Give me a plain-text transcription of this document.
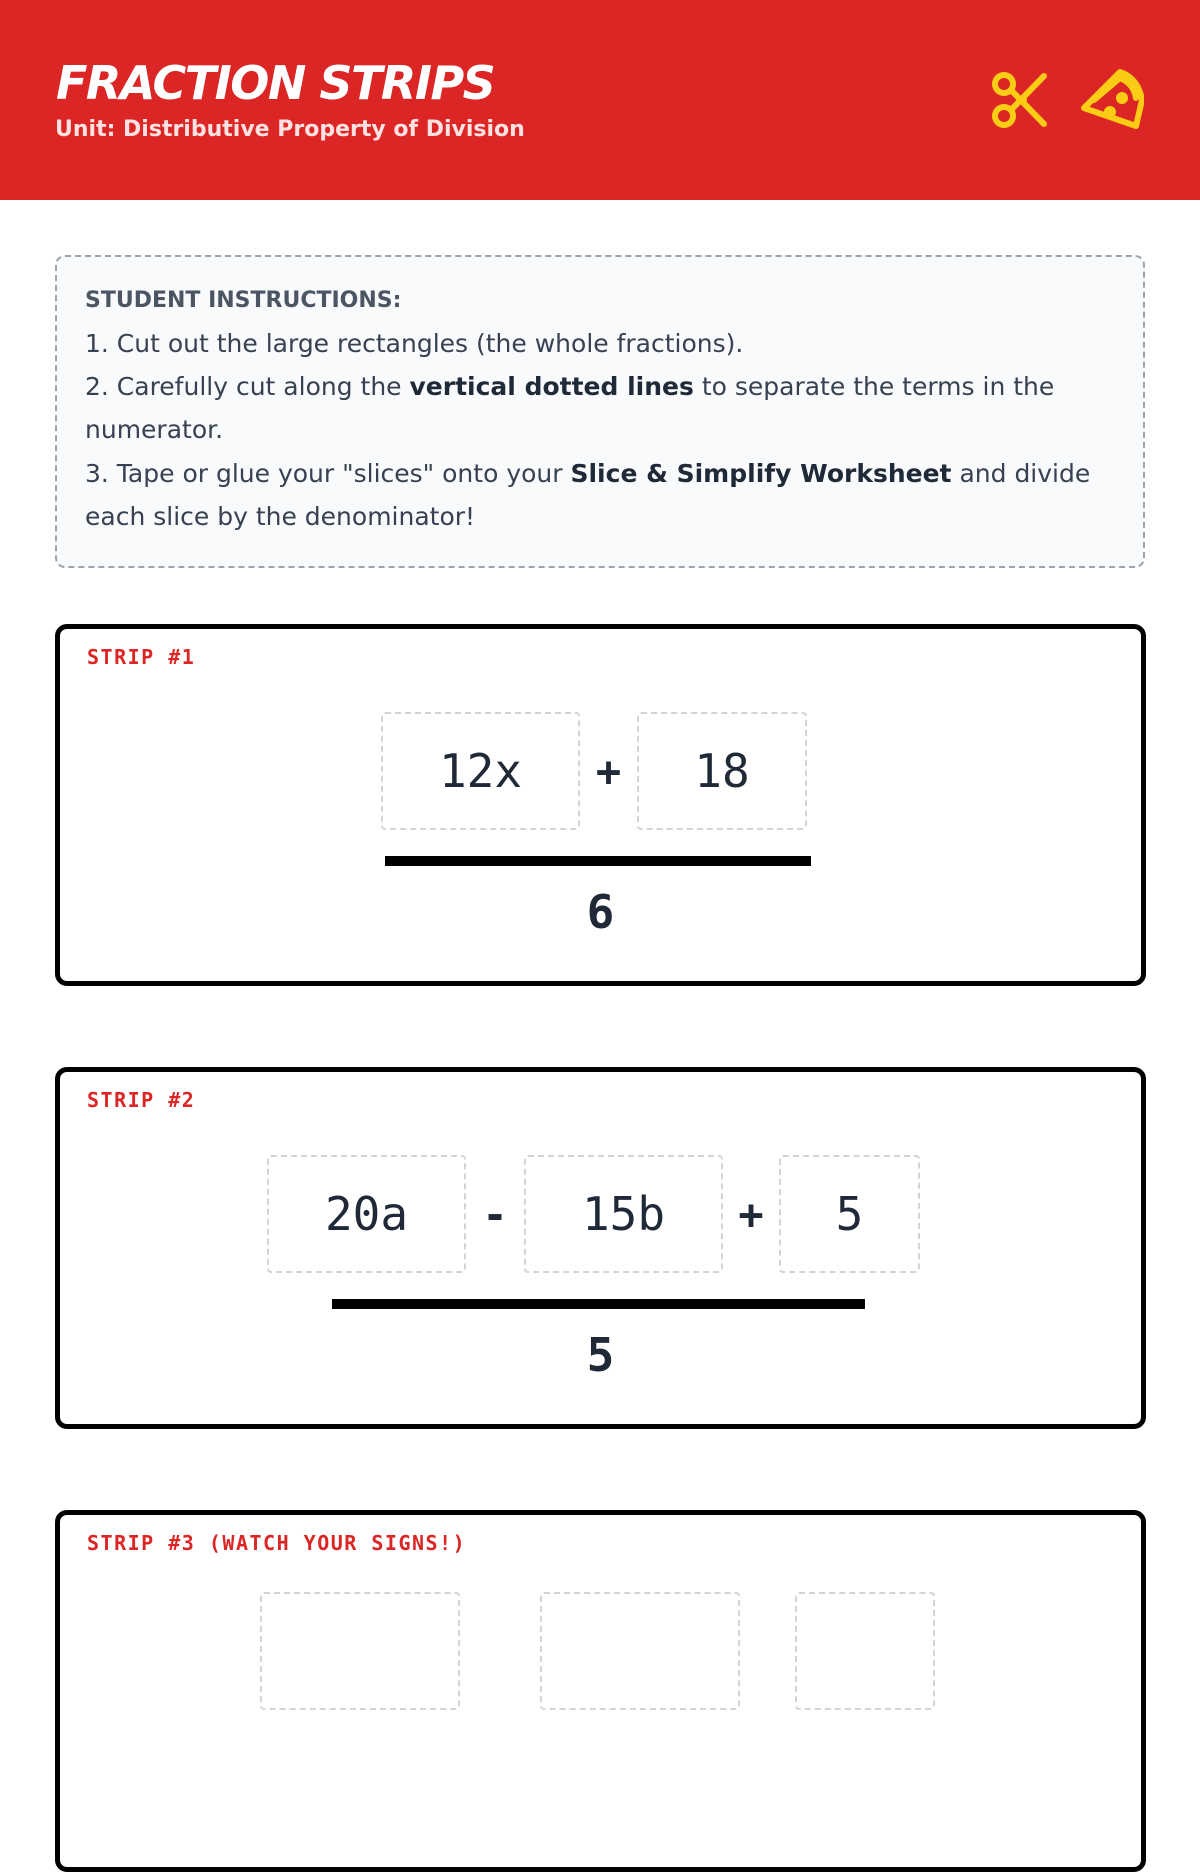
FRACTION STRIPS
Unit: Distributive Property of Division
STUDENT INSTRUCTIONS:
1. Cut out the large rectangles (the whole fractions).
2. Carefully cut along the vertical dotted lines to separate the terms in the numerator.
3. Tape or glue your "slices" onto your Slice & Simplify Worksheet and divide each slice by the denominator!
STRIP #1
12x	+	18
6
STRIP #2
20a	-	15b	+	5
5
STRIP #3 (WATCH YOUR SIGNS!)
